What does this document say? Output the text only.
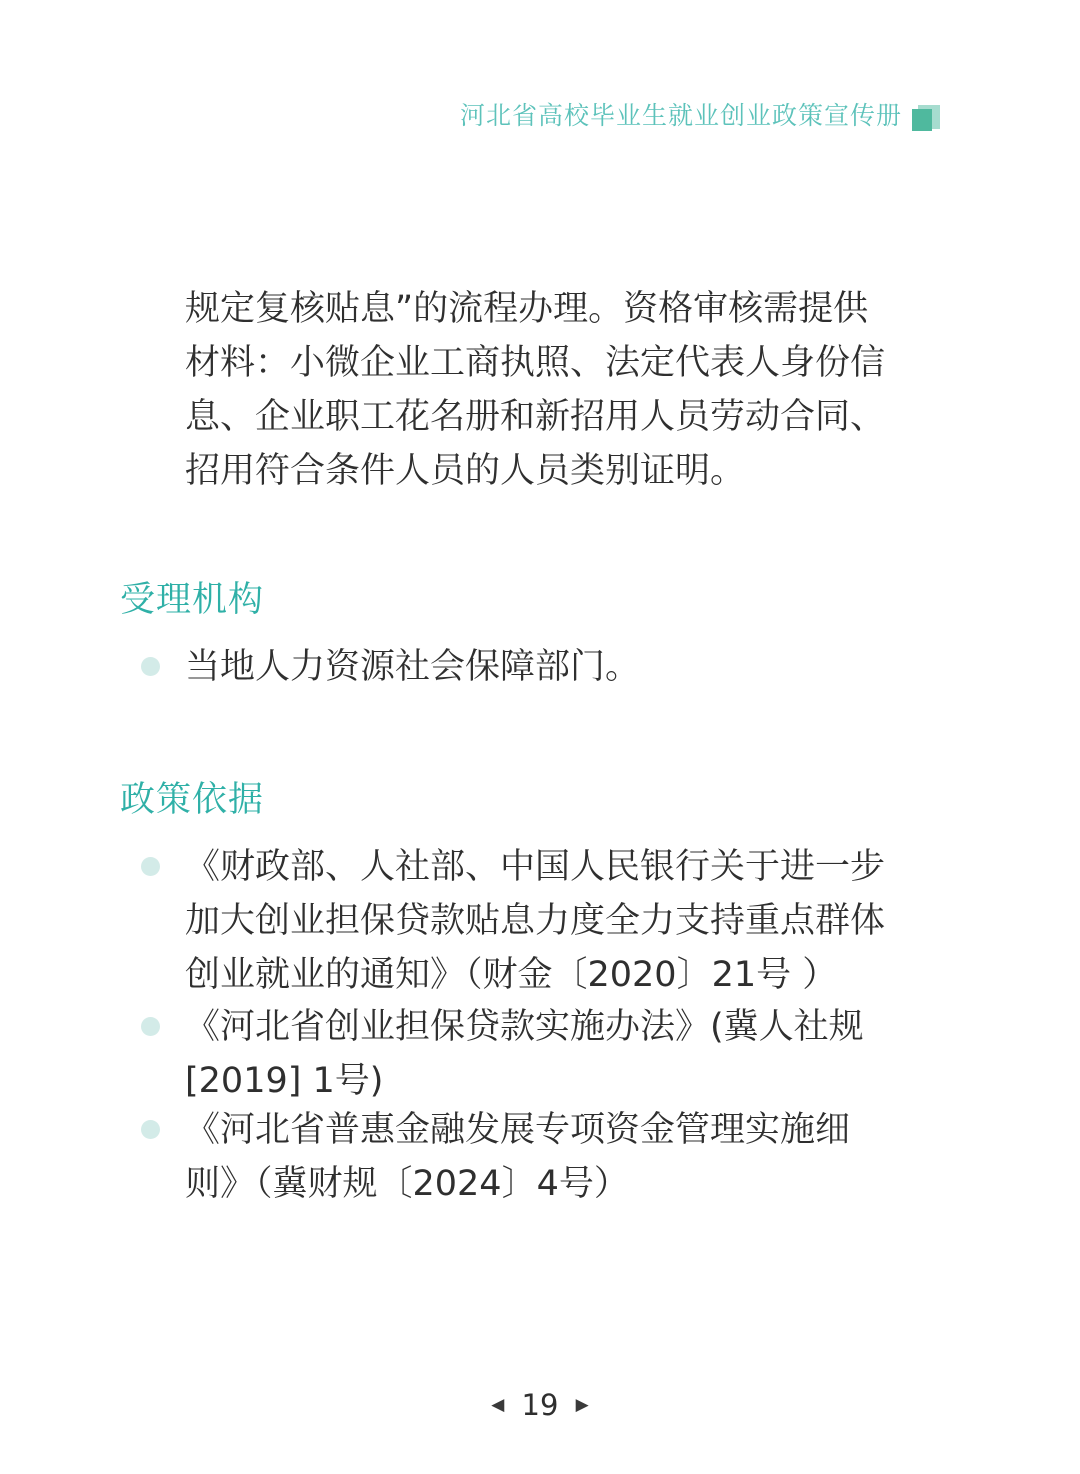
河北省高校毕业生就业创业政策宣传册
规定复核贴息”的流程办理。资格审核需提供
材料：小微企业工商执照、法定代表人身份信
息、企业职工花名册和新招用人员劳动合同、
招用符合条件人员的人员类别证明。
受理机构
当地人力资源社会保障部门。
政策依据
《财政部、人社部、中国人民银行关于进一步
加大创业担保贷款贴息力度全力支持重点群体
创业就业的通知》（财金〔2020〕21号 ）
《河北省创业担保贷款实施办法》(冀人社规
[2019] 1号)
《河北省普惠金融发展专项资金管理实施细
则》（冀财规〔2024〕4号）
◀ 19 ▶
